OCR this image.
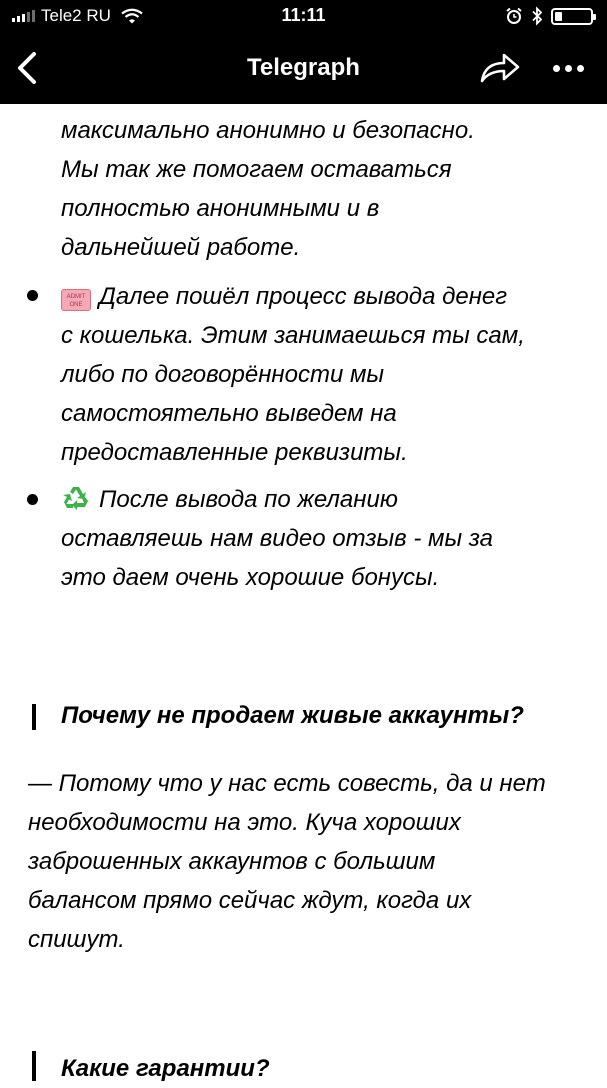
Tele2 RU	11:11
Telegraph
максимально анонимно и безопасно.
Мы так же помогаем оставаться
полностью анонимными и в
дальнейшей работе.
ADMIT ONE Далее пошёл процесс вывода денег
с кошелька. Этим занимаешься ты сам,
либо по договорённости мы
самостоятельно выведем на
предоставленные реквизиты.
После вывода по желанию
оставляешь нам видео отзыв - мы за
это даем очень хорошие бонусы.
Почему не продаем живые аккаунты?
— Потому что у нас есть совесть, да и нет
необходимости на это. Куча хороших
заброшенных аккаунтов с большим
балансом прямо сейчас ждут, когда их
спишут.
Какие гарантии?
